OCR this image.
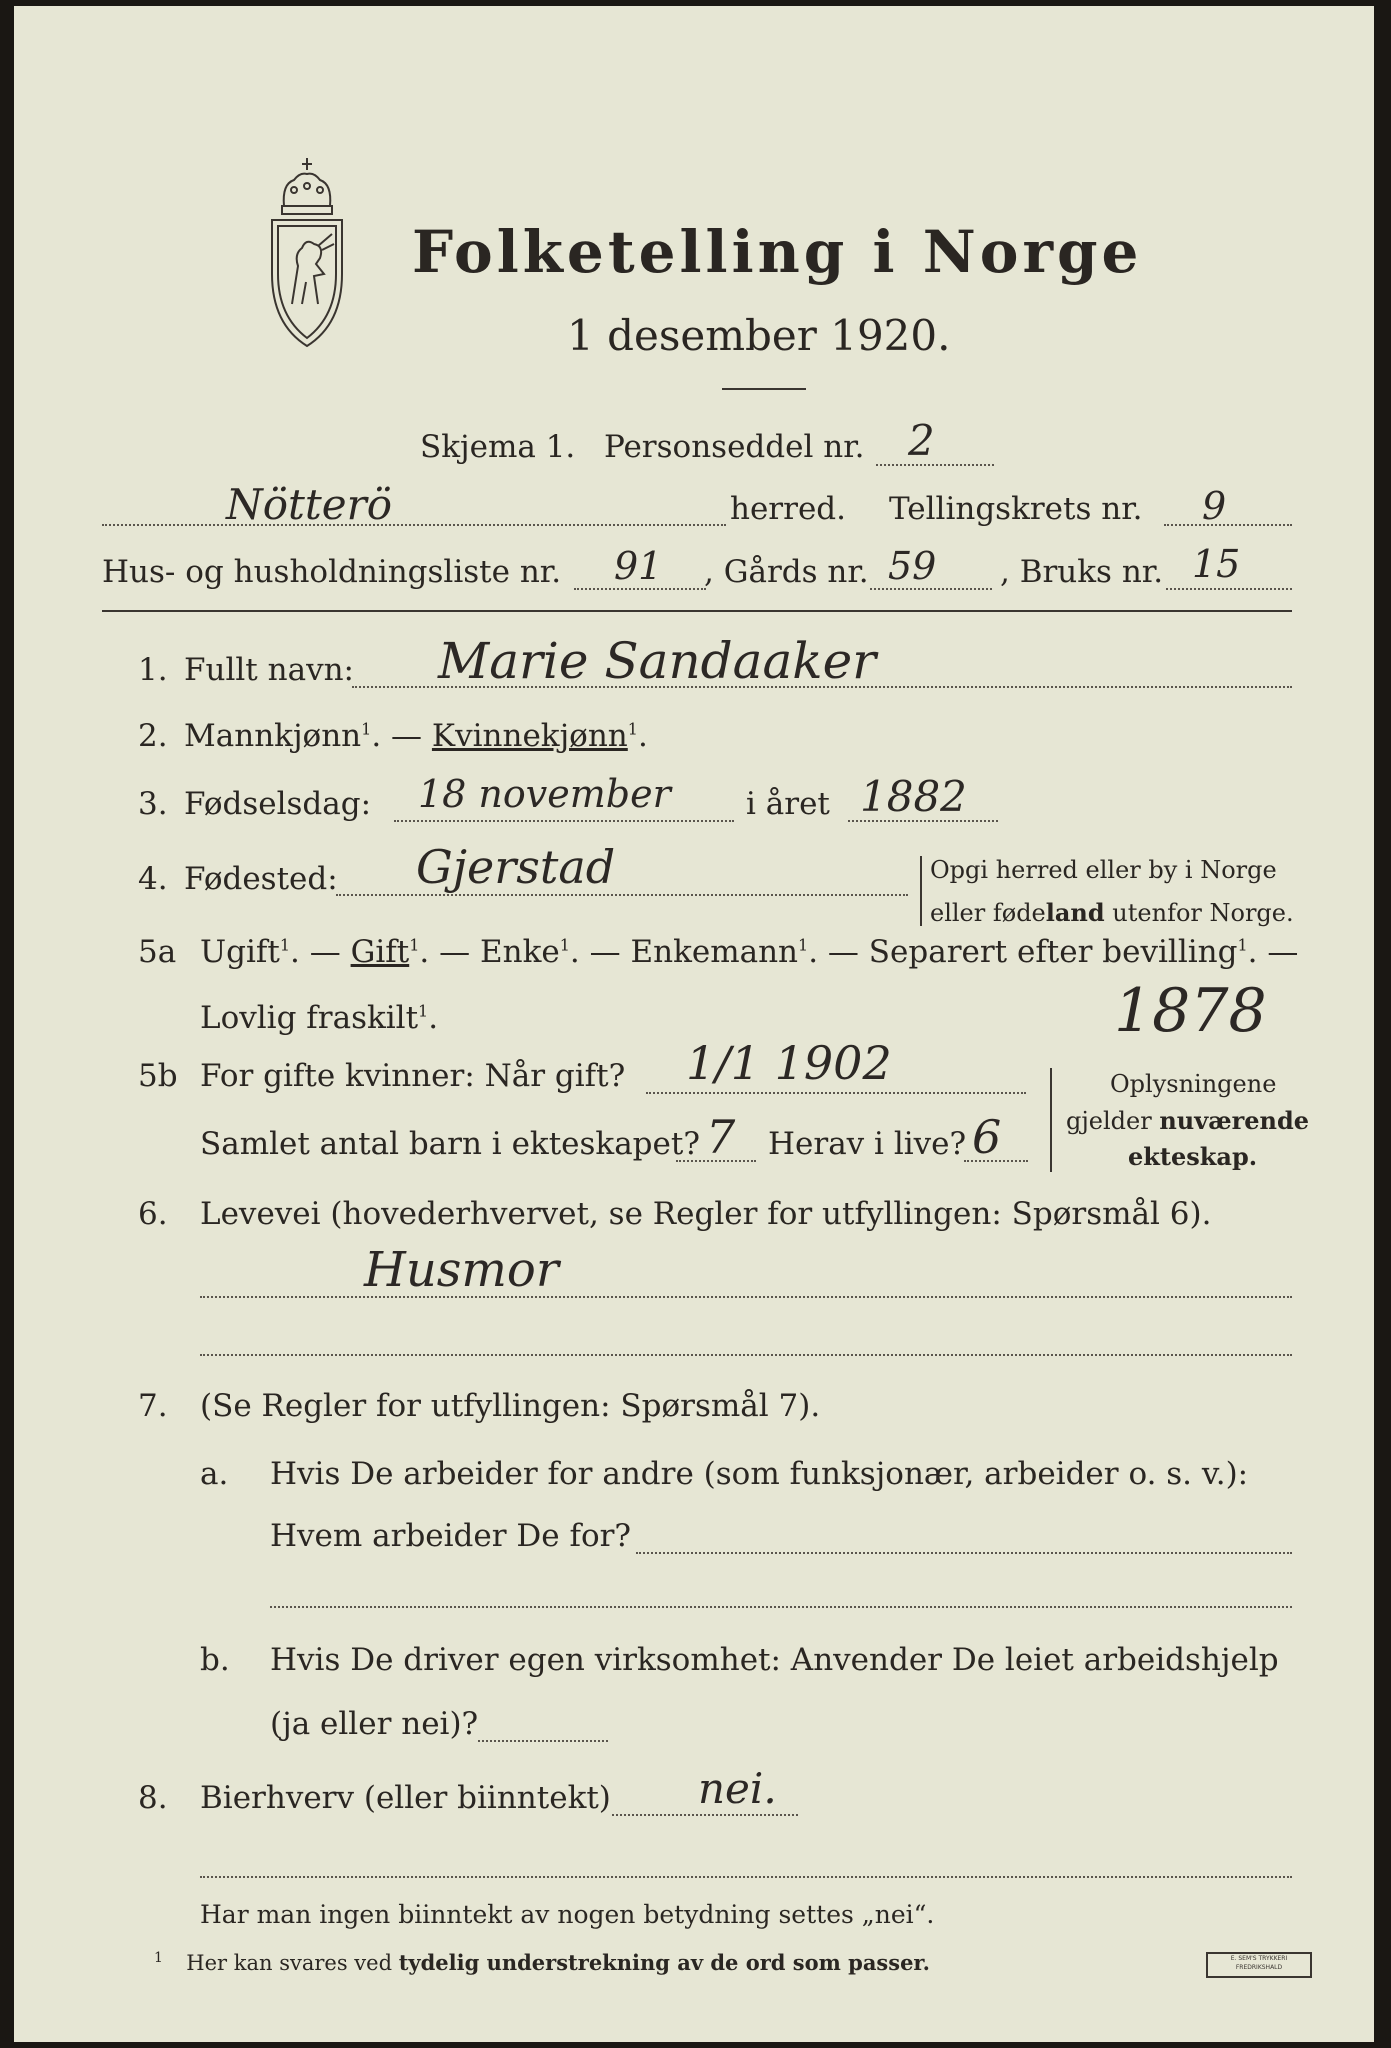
Folketelling i Norge
1 desember 1920.
Skjema 1. Personseddel nr. 2
Nötterö	herred. Tellingskrets nr. 9
Hus- og husholdningsliste nr. 91 , Gårds nr. 59 , Bruks nr. 15
1. Fullt navn: Marie Sandaaker
2. Mannkjønn$^1$. — Kvinnekjønn$^1$.
3. Fødselsdag: 18 november i året 1882
4. Fødested: Gjerstad	Opgi herred eller by i Norge
eller fødeland utenfor Norge.
5a Ugift$^1$. — Gift$^1$. — Enke$^1$. — Enkemann$^1$. — Separert efter bevilling$^1$. —
Lovlig fraskilt$^1$.	1878
5b For gifte kvinner: Når gift? 1/1 1902
Samlet antal barn i ekteskapet? 7 Herav i live? 6
Oplysningene
gjelder nuværende
ekteskap.
6. Levevei (hovederhvervet, se Regler for utfyllingen: Spørsmål 6).
Husmor
7. (Se Regler for utfyllingen: Spørsmål 7).
a. Hvis De arbeider for andre (som funksjonær, arbeider o. s. v.):
Hvem arbeider De for?
b. Hvis De driver egen virksomhet: Anvender De leiet arbeidshjelp
(ja eller nei)?
8. Bierhverv (eller biinntekt) nei.
Har man ingen biinntekt av nogen betydning settes „nei“.
$^1$ Her kan svares ved tydelig understrekning av de ord som passer.	E. SEM'S TRYKKERI FREDRIKSHALD
